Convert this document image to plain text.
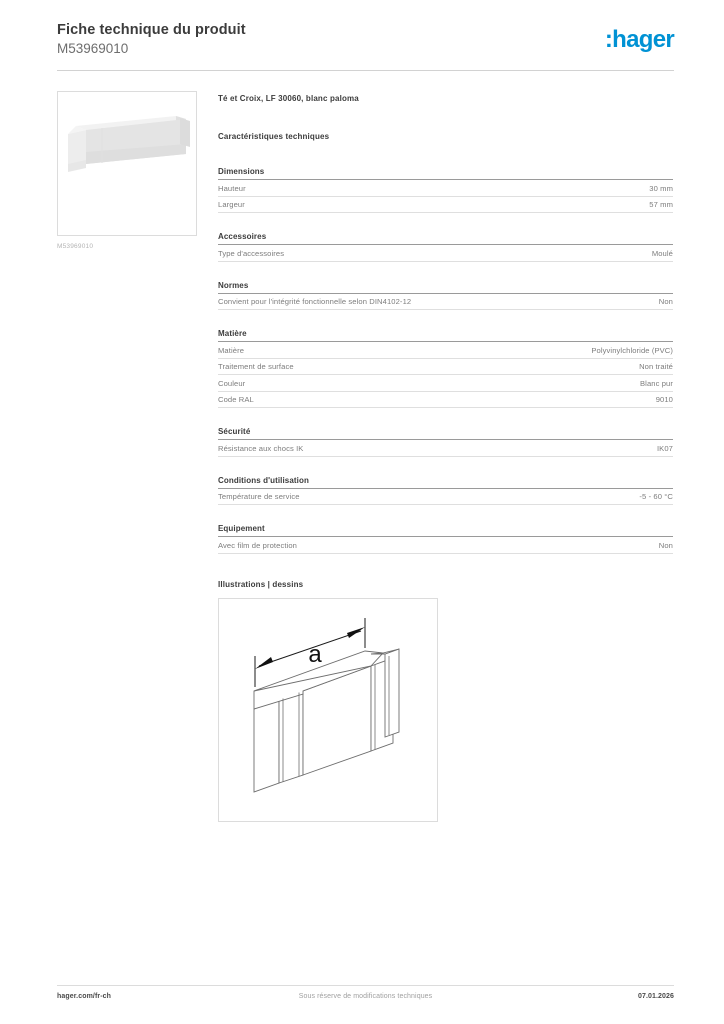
Fiche technique du produit
M53969010	:hager
M53969010
Té et Croix, LF 30060, blanc paloma
Caractéristiques techniques
Dimensions
Hauteur	30 mm
Largeur	57 mm
Accessoires
Type d'accessoires	Moulé
Normes
Convient pour l'intégrité fonctionnelle selon DIN4102-12	Non
Matière
Matière	Polyvinylchloride (PVC)
Traitement de surface	Non traité
Couleur	Blanc pur
Code RAL	9010
Sécurité
Résistance aux chocs IK	IK07
Conditions d'utilisation
Température de service	-5 - 60 °C
Equipement
Avec film de protection	Non
Illustrations | dessins
a
hager.com/fr-ch	Sous réserve de modifications techniques	07.01.2026
